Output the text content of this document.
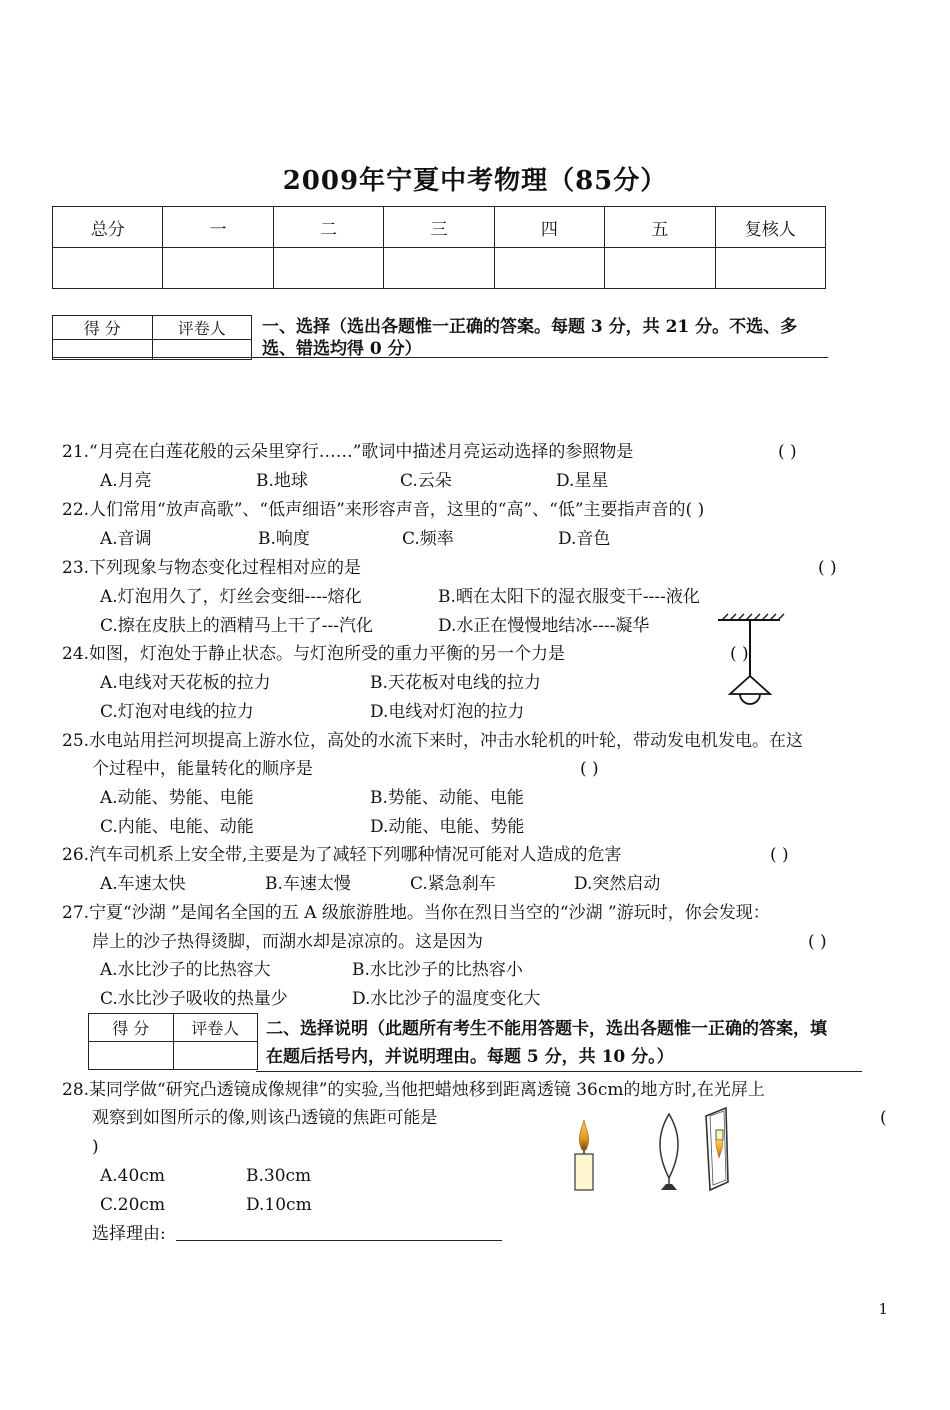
2009年宁夏中考物理（85分）
总分	一	二	三	四	五	复核人

得 分	评卷人
	一、选择（选出各题惟一正确的答案。每题 3 分，共 21 分。不选、多
选、错选均得 0 分）
21.“月亮在白莲花般的云朵里穿行……”歌词中描述月亮运动选择的参照物是	( )
A.月亮	B.地球	C.云朵	D.星星
22.人们常用“放声高歌”、“低声细语”来形容声音，这里的“高”、“低”主要指声音的( )
A.音调	B.响度	C.频率	D.音色
23.下列现象与物态变化过程相对应的是	( )
A.灯泡用久了，灯丝会变细----熔化	B.晒在太阳下的湿衣服变干----液化
C.擦在皮肤上的酒精马上干了---汽化	D.水正在慢慢地结冰----凝华
24.如图，灯泡处于静止状态。与灯泡所受的重力平衡的另一个力是	( )
A.电线对天花板的拉力	B.天花板对电线的拉力
C.灯泡对电线的拉力	D.电线对灯泡的拉力
25.水电站用拦河坝提高上游水位，高处的水流下来时，冲击水轮机的叶轮，带动发电机发电。在这
个过程中，能量转化的顺序是	( )
A.动能、势能、电能	B.势能、动能、电能
C.内能、电能、动能	D.动能、电能、势能
26.汽车司机系上安全带,主要是为了减轻下列哪种情况可能对人造成的危害	( )
A.车速太快	B.车速太慢	C.紧急刹车	D.突然启动
27.宁夏“沙湖 ”是闻名全国的五 A 级旅游胜地。当你在烈日当空的“沙湖 ”游玩时，你会发现：
岸上的沙子热得烫脚，而湖水却是凉凉的。这是因为	( )
A.水比沙子的比热容大	B.水比沙子的比热容小
C.水比沙子吸收的热量少	D.水比沙子的温度变化大
得 分	评卷人
	二、选择说明（此题所有考生不能用答题卡，选出各题惟一正确的答案，填
在题后括号内，并说明理由。每题 5 分，共 10 分。）
28.某同学做“研究凸透镜成像规律”的实验,当他把蜡烛移到距离透镜 36cm的地方时,在光屏上
观察到如图所示的像,则该凸透镜的焦距可能是	(
)
A.40cm	B.30cm
C.20cm	D.10cm
选择理由:
1
